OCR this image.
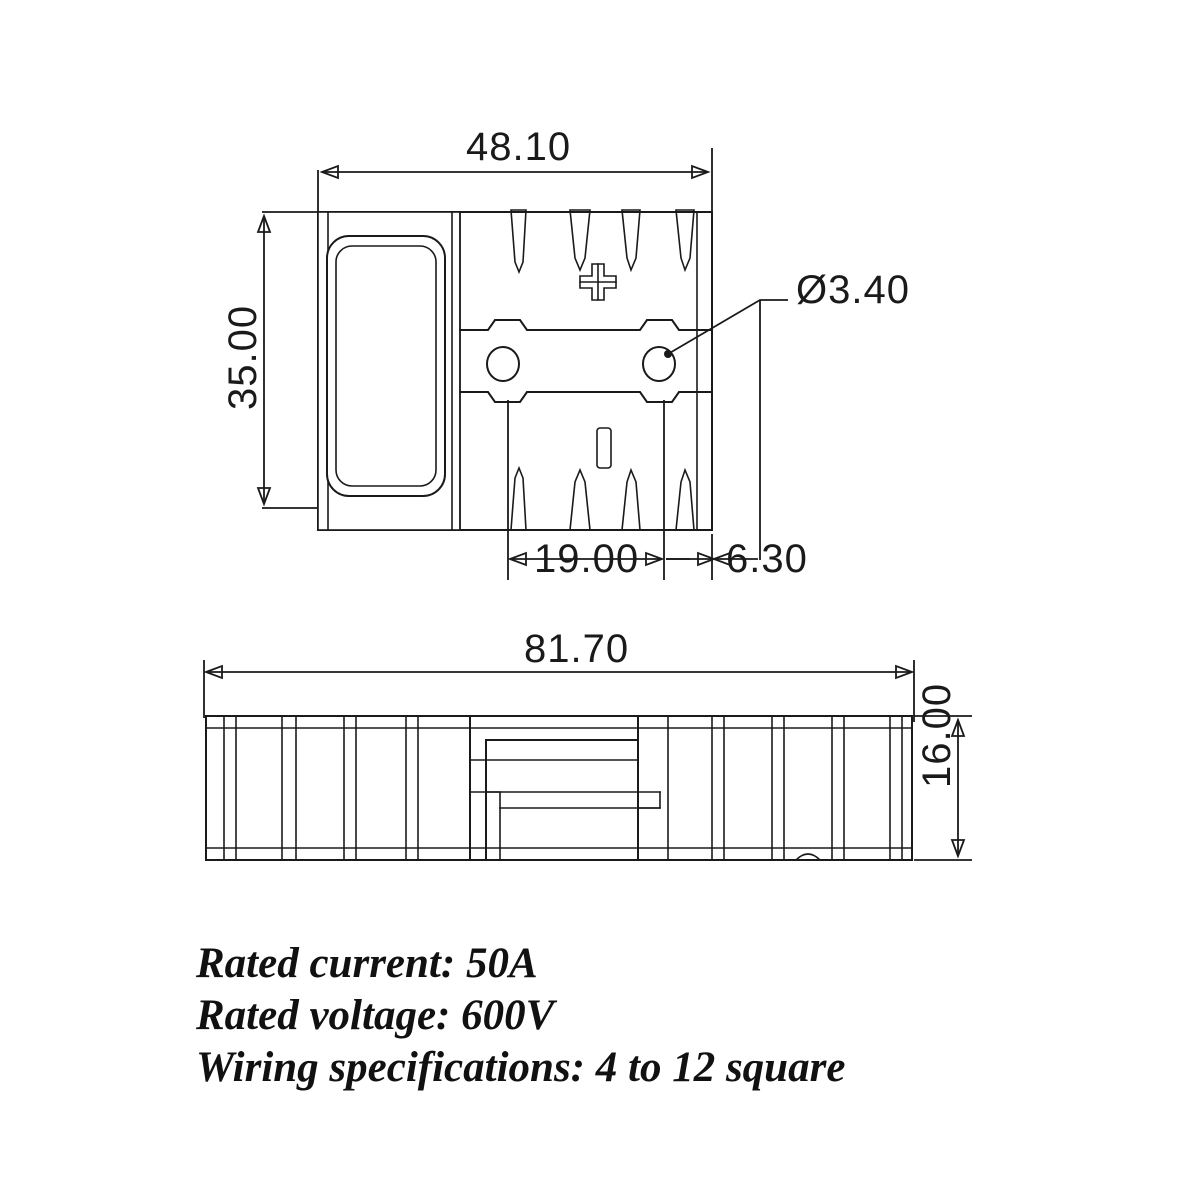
48.10
35.00
Ø3.40
19.00 6.30
81.70
16.00
Rated current: 50A
Rated voltage: 600V
Wiring specifications: 4 to 12 square
